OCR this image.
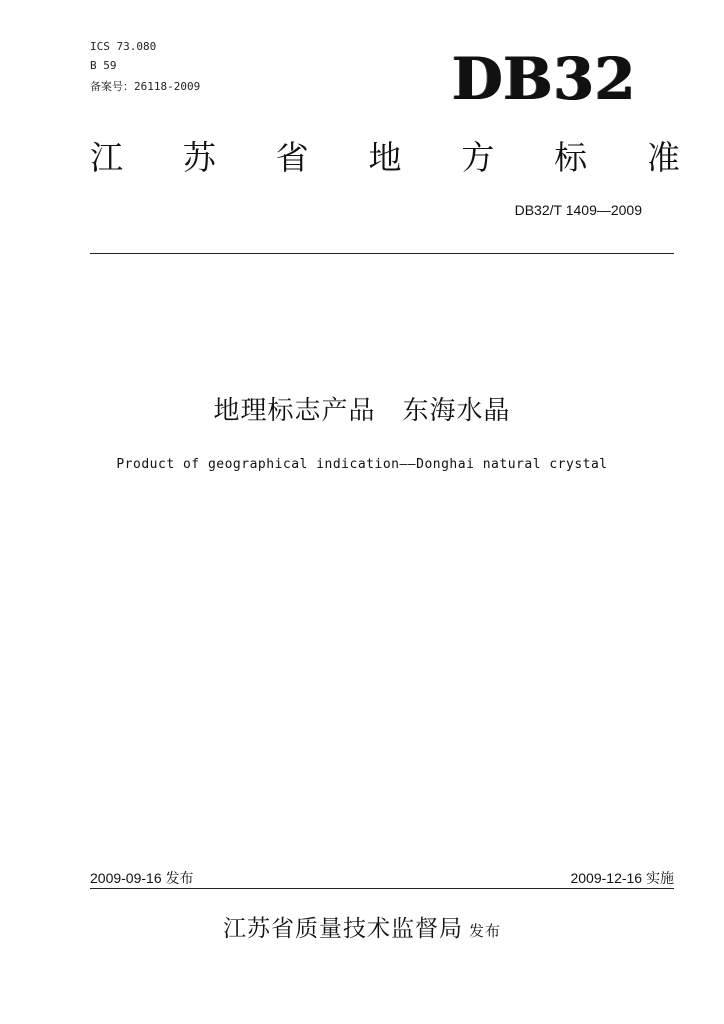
ICS 73.080
B 59
备案号：26118-2009	DB32
江 苏 省 地 方 标 准
DB32/T 1409—2009
地理标志产品　东海水晶
Product of geographical indication——Donghai natural crystal
2009-09-16 发布	2009-12-16 实施
江苏省质量技术监督局 发布
